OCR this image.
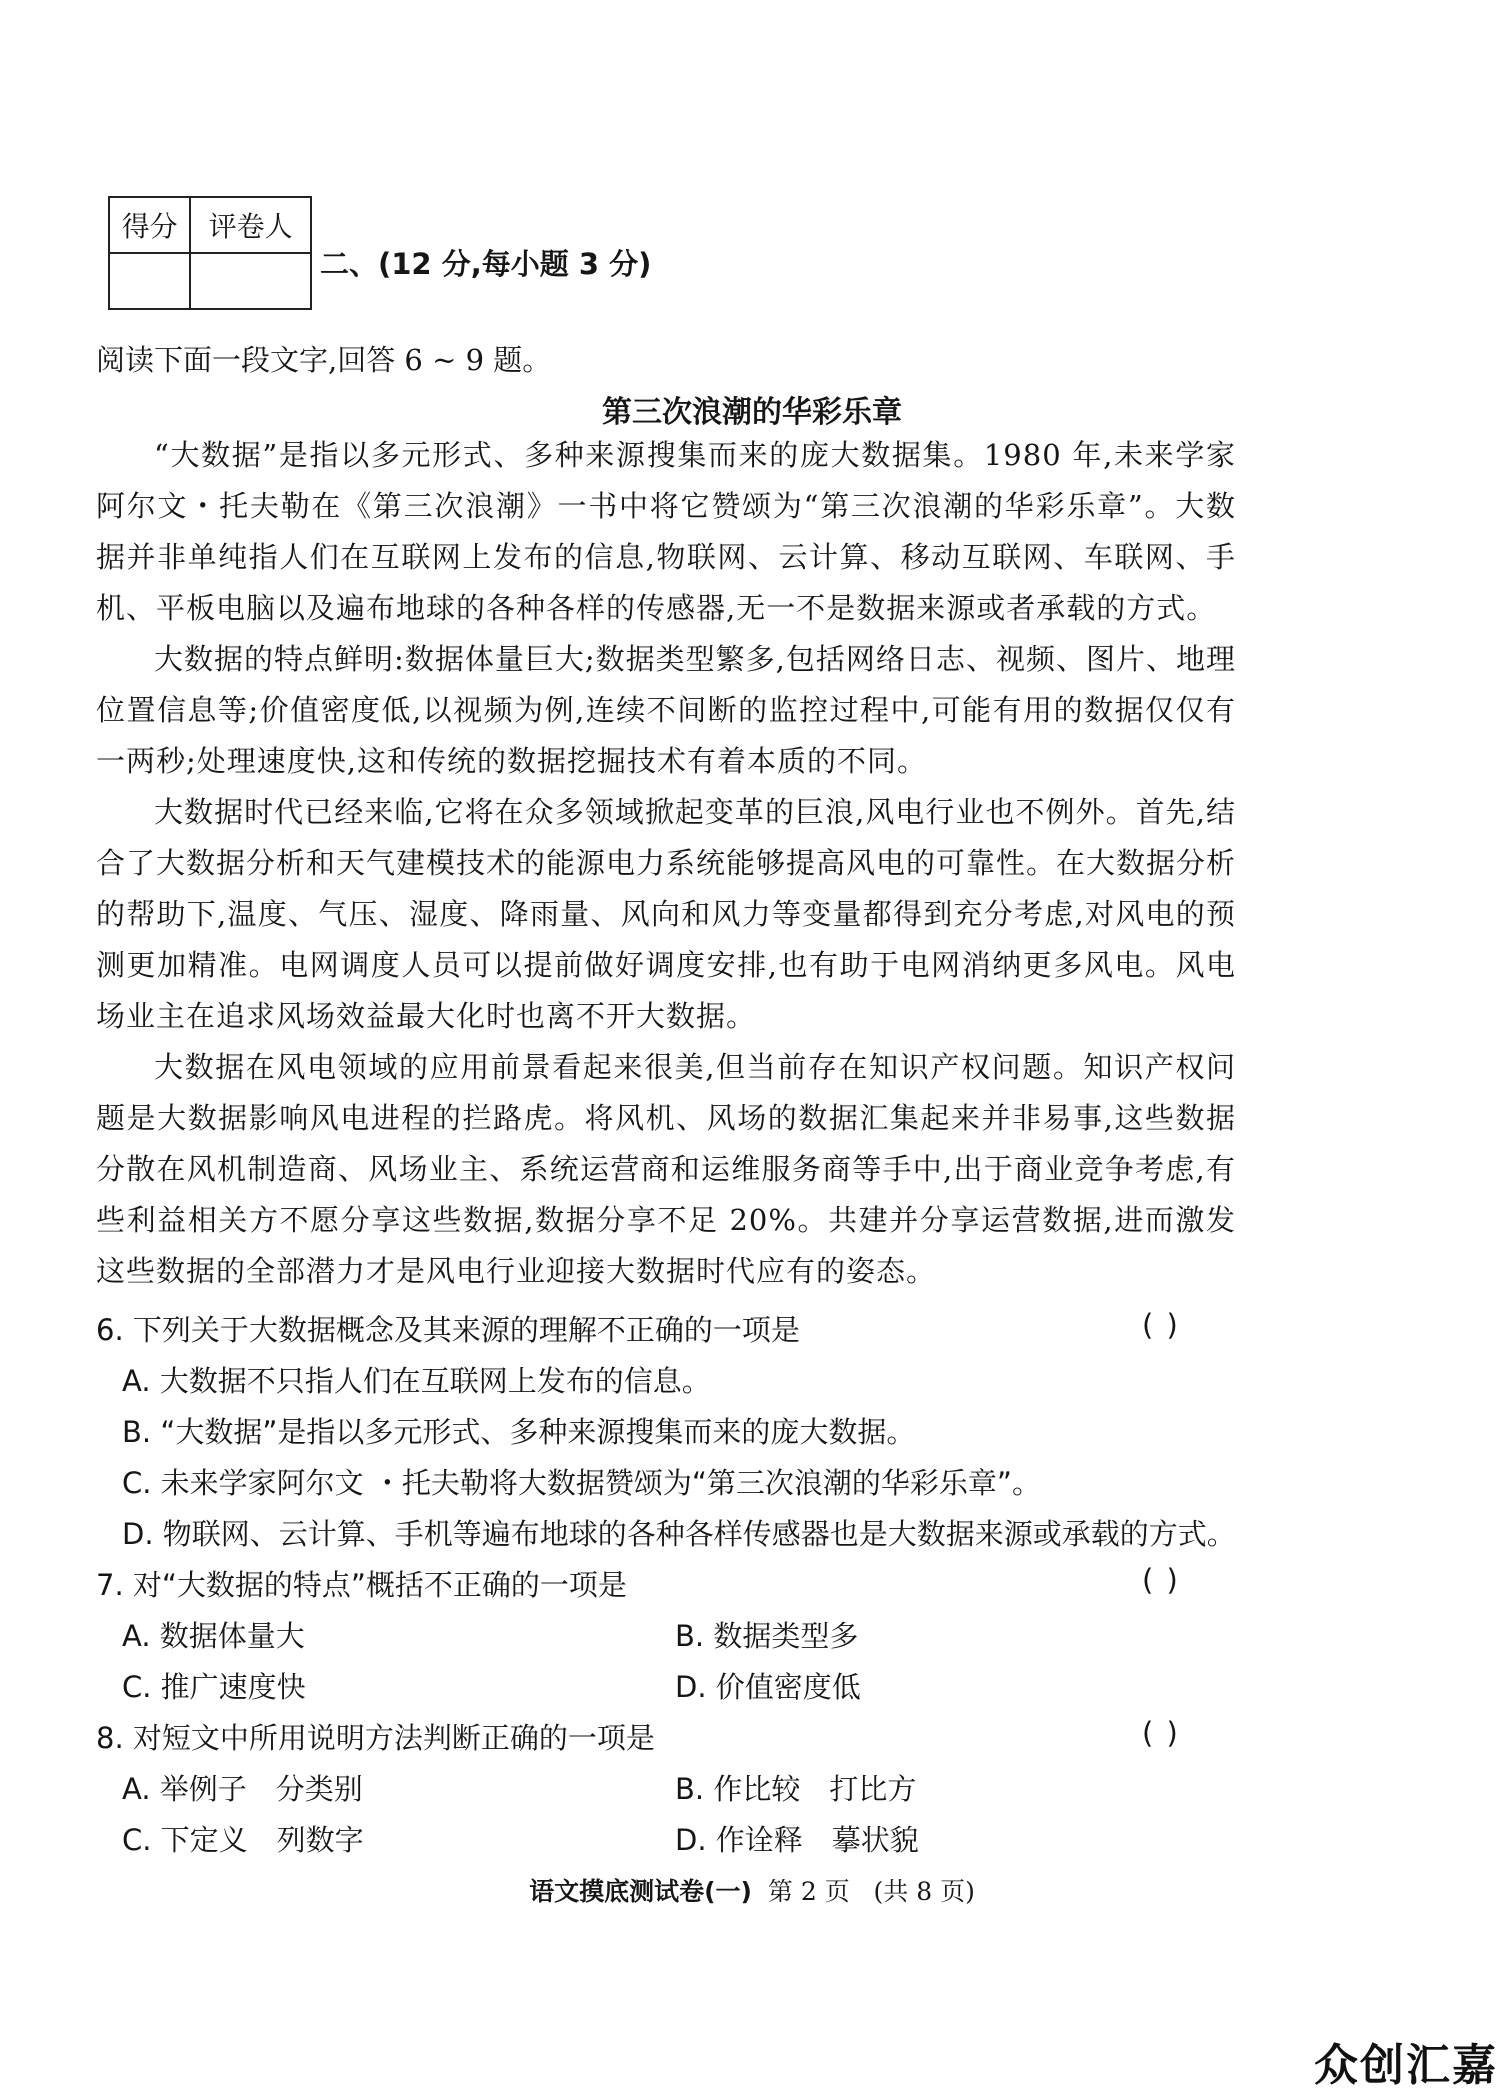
得分	评卷人

二、(12 分,每小题 3 分)
阅读下面一段文字,回答 6 ~ 9 题。
第三次浪潮的华彩乐章

“大数据”是指以多元形式、多种来源搜集而来的庞大数据集。1980 年,未来学家阿尔文・托夫勒在《第三次浪潮》一书中将它赞颂为“第三次浪潮的华彩乐章”。大数据并非单纯指人们在互联网上发布的信息,物联网、云计算、移动互联网、车联网、手机、平板电脑以及遍布地球的各种各样的传感器,无一不是数据来源或者承载的方式。

大数据的特点鲜明:数据体量巨大;数据类型繁多,包括网络日志、视频、图片、地理位置信息等;价值密度低,以视频为例,连续不间断的监控过程中,可能有用的数据仅仅有一两秒;处理速度快,这和传统的数据挖掘技术有着本质的不同。

大数据时代已经来临,它将在众多领域掀起变革的巨浪,风电行业也不例外。首先,结合了大数据分析和天气建模技术的能源电力系统能够提高风电的可靠性。在大数据分析的帮助下,温度、气压、湿度、降雨量、风向和风力等变量都得到充分考虑,对风电的预测更加精准。电网调度人员可以提前做好调度安排,也有助于电网消纳更多风电。风电场业主在追求风场效益最大化时也离不开大数据。

大数据在风电领域的应用前景看起来很美,但当前存在知识产权问题。知识产权问题是大数据影响风电进程的拦路虎。将风机、风场的数据汇集起来并非易事,这些数据分散在风机制造商、风场业主、系统运营商和运维服务商等手中,出于商业竞争考虑,有些利益相关方不愿分享这些数据,数据分享不足 20%。共建并分享运营数据,进而激发这些数据的全部潜力才是风电行业迎接大数据时代应有的姿态。

6. 下列关于大数据概念及其来源的理解不正确的一项是	( )
A. 大数据不只指人们在互联网上发布的信息。
B. “大数据”是指以多元形式、多种来源搜集而来的庞大数据。
C. 未来学家阿尔文 ・托夫勒将大数据赞颂为“第三次浪潮的华彩乐章”。
D. 物联网、云计算、手机等遍布地球的各种各样传感器也是大数据来源或承载的方式。
7. 对“大数据的特点”概括不正确的一项是	( )
A. 数据体量大	B. 数据类型多
C. 推广速度快	D. 价值密度低
8. 对短文中所用说明方法判断正确的一项是	( )
A. 举例子　分类别	B. 作比较　打比方
C. 下定义　列数字	D. 作诠释　摹状貌
语文摸底测试卷(一) 第 2 页 (共 8 页)
众创汇嘉
